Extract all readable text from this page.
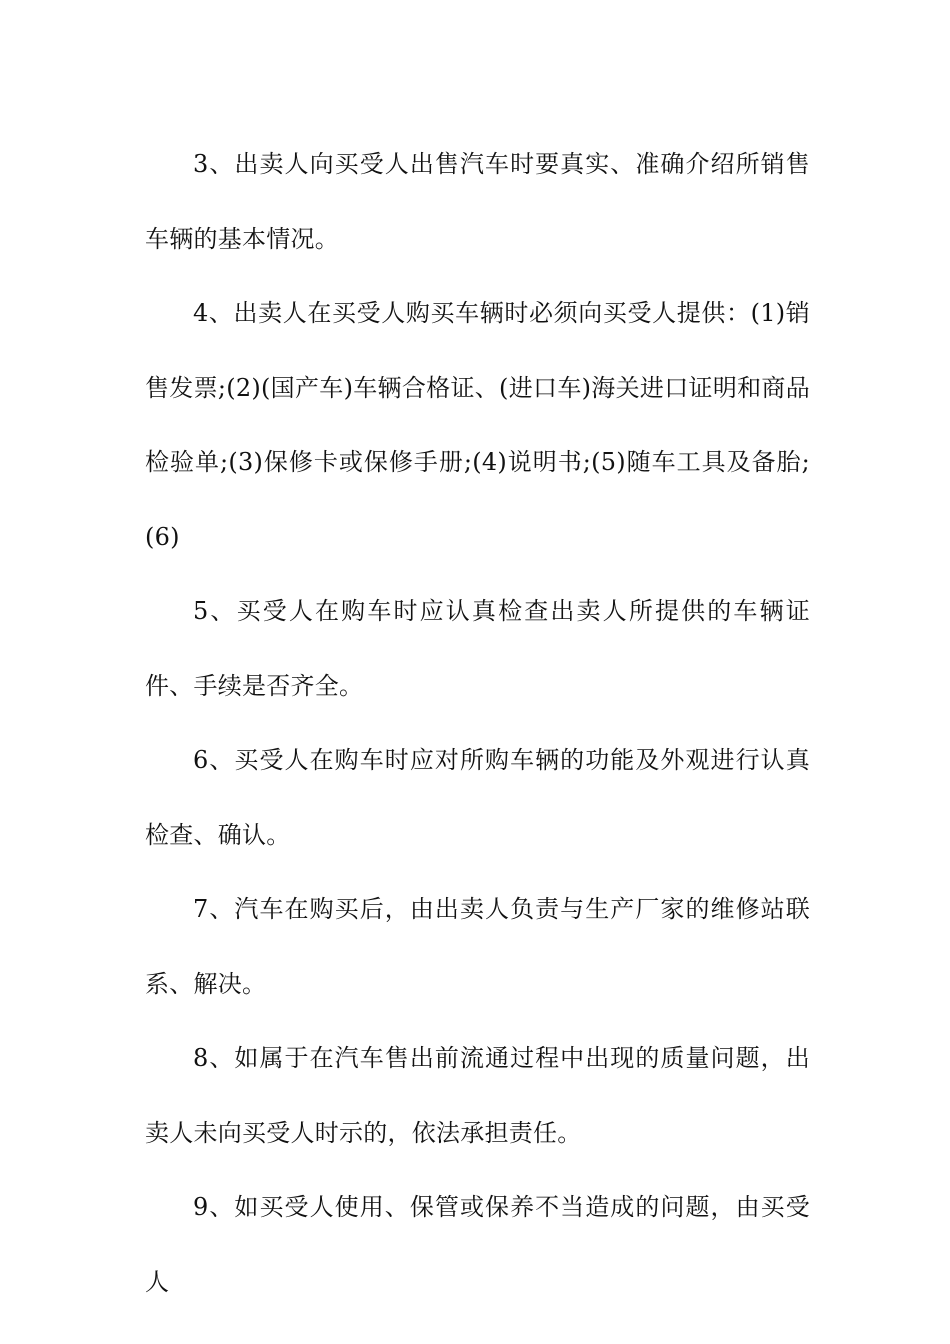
3、出卖人向买受人出售汽车时要真实、准确介绍所销售车辆的基本情况。

4、出卖人在买受人购买车辆时必须向买受人提供：(1)销售发票;(2)(国产车)车辆合格证、(进口车)海关进口证明和商品检验单;(3)保修卡或保修手册;(4)说明书;(5)随车工具及备胎; (6)

5、买受人在购车时应认真检查出卖人所提供的车辆证件、手续是否齐全。

6、买受人在购车时应对所购车辆的功能及外观进行认真检查、确认。

7、汽车在购买后，由出卖人负责与生产厂家的维修站联系、解决。

8、如属于在汽车售出前流通过程中出现的质量问题，出卖人未向买受人时示的，依法承担责任。

9、如买受人使用、保管或保养不当造成的问题，由买受人
